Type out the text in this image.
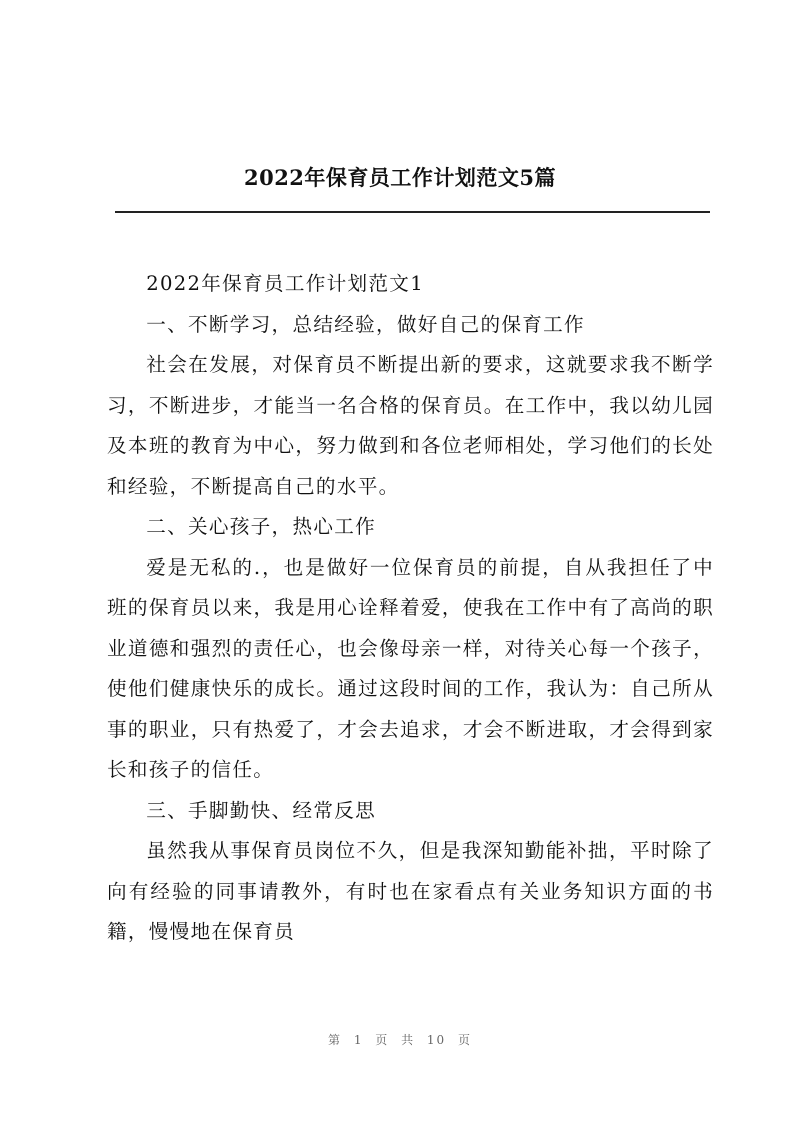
2022年保育员工作计划范文5篇

2022年保育员工作计划范文1

一、不断学习，总结经验，做好自己的保育工作

社会在发展，对保育员不断提出新的要求，这就要求我不断学习，不断进步，才能当一名合格的保育员。在工作中，我以幼儿园及本班的教育为中心，努力做到和各位老师相处，学习他们的长处和经验，不断提高自己的水平。

二、关心孩子，热心工作

爱是无私的.，也是做好一位保育员的前提，自从我担任了中班的保育员以来，我是用心诠释着爱，使我在工作中有了高尚的职业道德和强烈的责任心，也会像母亲一样，对待关心每一个孩子，使他们健康快乐的成长。通过这段时间的工作，我认为：自己所从事的职业，只有热爱了，才会去追求，才会不断进取，才会得到家长和孩子的信任。

三、手脚勤快、经常反思

虽然我从事保育员岗位不久，但是我深知勤能补拙，平时除了向有经验的同事请教外，有时也在家看点有关业务知识方面的书籍，慢慢地在保育员

第 1 页 共 10 页
